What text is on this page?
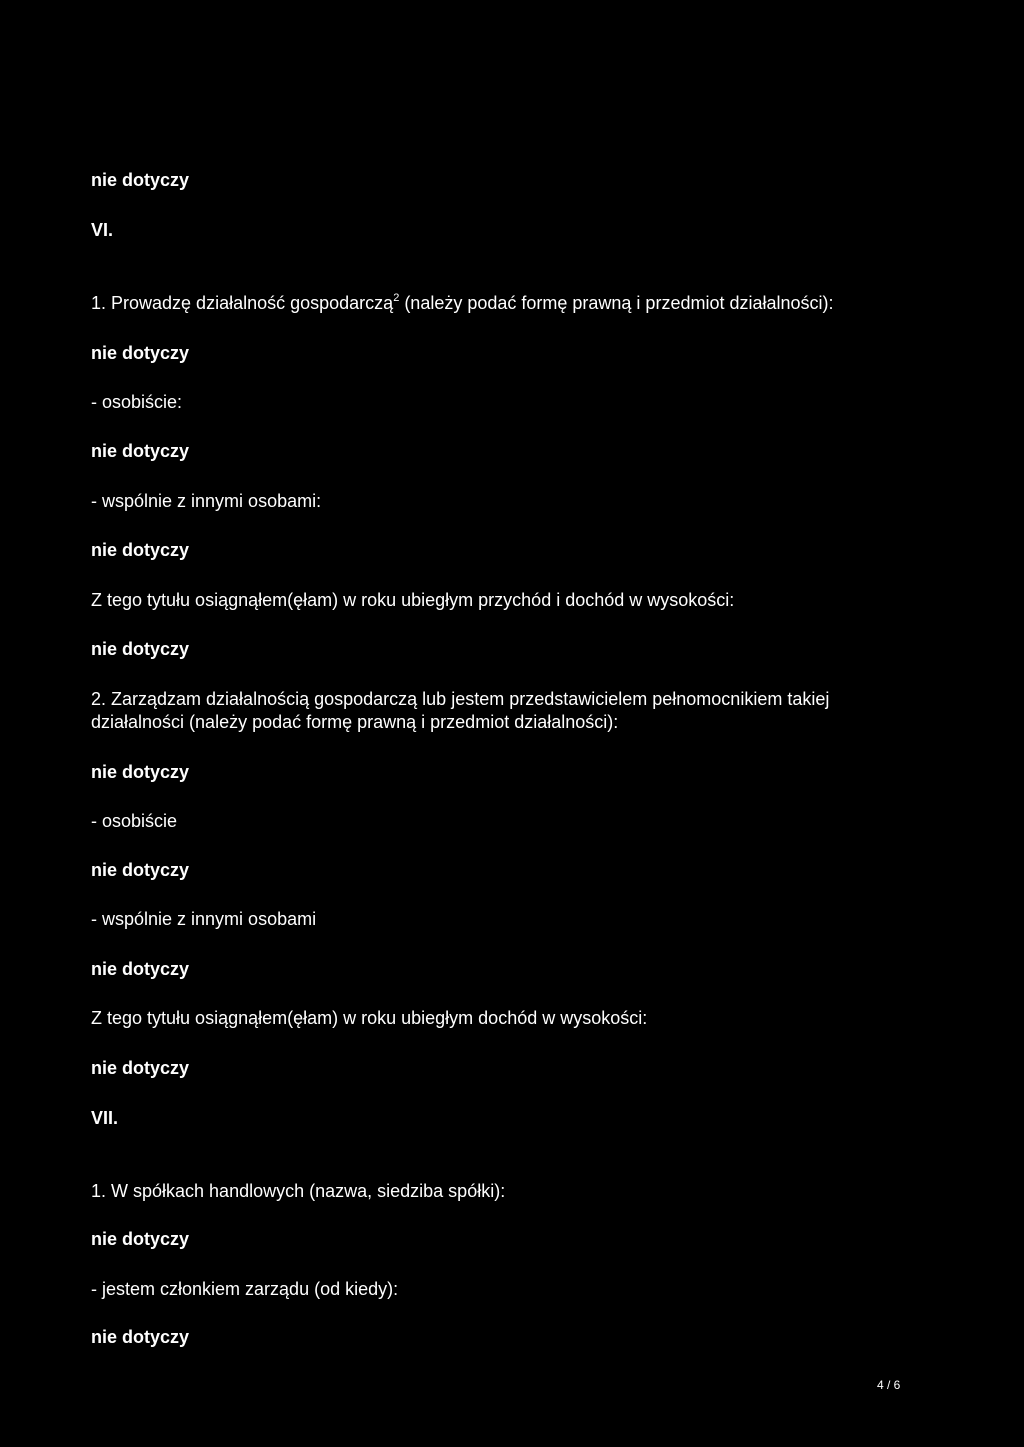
nie dotyczy
VI.
1. Prowadzę działalność gospodarczą$^2$ (należy podać formę prawną i przedmiot działalności):
nie dotyczy
- osobiście:
nie dotyczy
- wspólnie z innymi osobami:
nie dotyczy
Z tego tytułu osiągnąłem(ęłam) w roku ubiegłym przychód i dochód w wysokości:
nie dotyczy
2. Zarządzam działalnością gospodarczą lub jestem przedstawicielem pełnomocnikiem takiej
działalności (należy podać formę prawną i przedmiot działalności):
nie dotyczy
- osobiście
nie dotyczy
- wspólnie z innymi osobami
nie dotyczy
Z tego tytułu osiągnąłem(ęłam) w roku ubiegłym dochód w wysokości:
nie dotyczy
VII.
1. W spółkach handlowych (nazwa, siedziba spółki):
nie dotyczy
- jestem członkiem zarządu (od kiedy):
nie dotyczy
4 / 6
